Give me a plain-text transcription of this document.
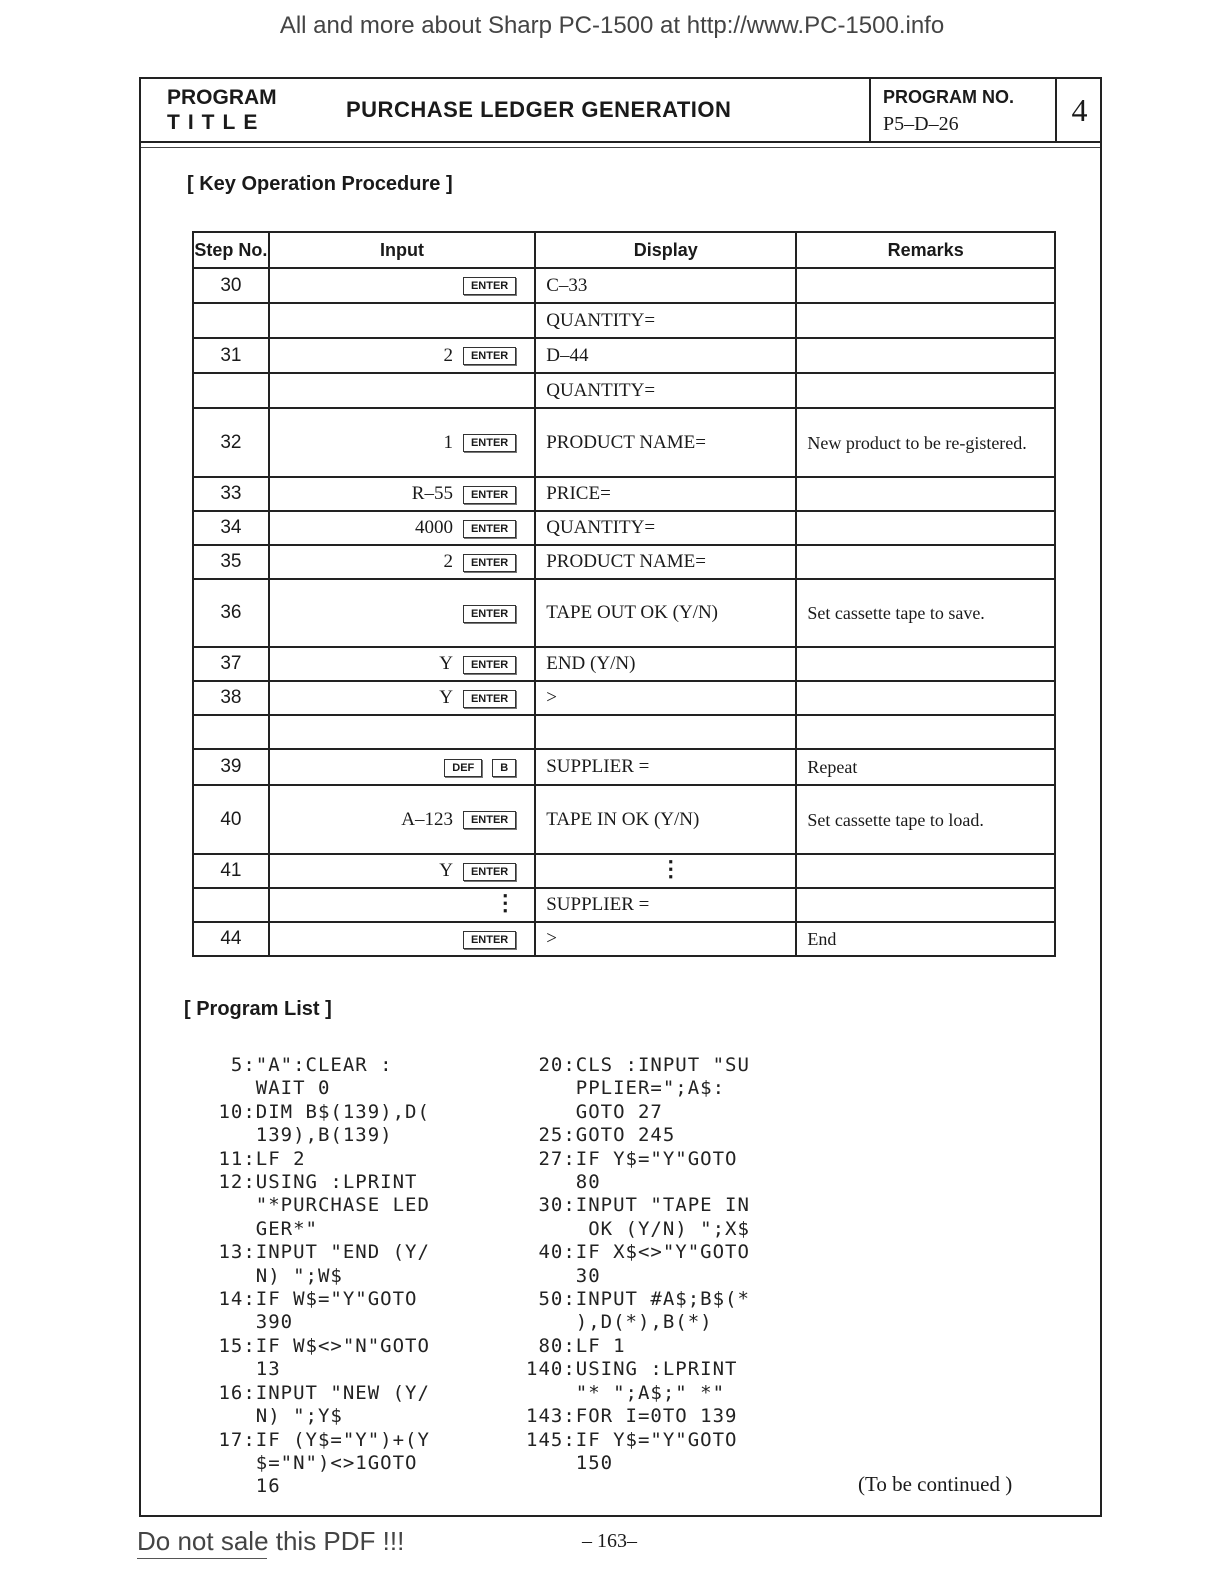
All and more about Sharp PC-1500 at http://www.PC-1500.info
PROGRAM
TITLE
PURCHASE LEDGER GENERATION	PROGRAM NO.
P5–D–26	4
[ Key Operation Procedure ]
Step No.	Input	Display	Remarks
30	ENTER	C–33	
		QUANTITY=	
31	2 ENTER	D–44	
		QUANTITY=	
32	1 ENTER	PRODUCT NAME=	New product to be re-gistered.
33	R–55 ENTER	PRICE=	
34	4000 ENTER	QUANTITY=	
35	2 ENTER	PRODUCT NAME=	
36	ENTER	TAPE OUT OK (Y/N)	Set cassette tape to save.
37	Y ENTER	END (Y/N)	
38	Y ENTER	>	

39	DEF B	SUPPLIER =	Repeat
40	A–123 ENTER	TAPE IN OK (Y/N)	Set cassette tape to load.
41	Y ENTER	⋮	
	⋮	SUPPLIER =	
44	ENTER	>	End
[ Program List ]
5:"A":CLEAR :
WAIT 0
10:DIM B$(139),D(
139),B(139)
11:LF 2
12:USING :LPRINT
"*PURCHASE LED
GER*"
13:INPUT "END (Y/
N) ";W$
14:IF W$="Y"GOTO
390
15:IF W$<>"N"GOTO
13
16:INPUT "NEW (Y/
N) ";Y$
17:IF (Y$="Y")+(Y
$="N")<>1GOTO
16
20:CLS :INPUT "SU
PPLIER=";A$:
GOTO 27
25:GOTO 245
27:IF Y$="Y"GOTO
80
30:INPUT "TAPE IN
OK (Y/N) ";X$
40:IF X$<>"Y"GOTO
30
50:INPUT #A$;B$(*
),D(*),B(*)
80:LF 1
140:USING :LPRINT
"* ";A$;" *"
143:FOR I=0TO 139
145:IF Y$="Y"GOTO
150
(To be continued )
Do not sale this PDF !!!	– 163–
